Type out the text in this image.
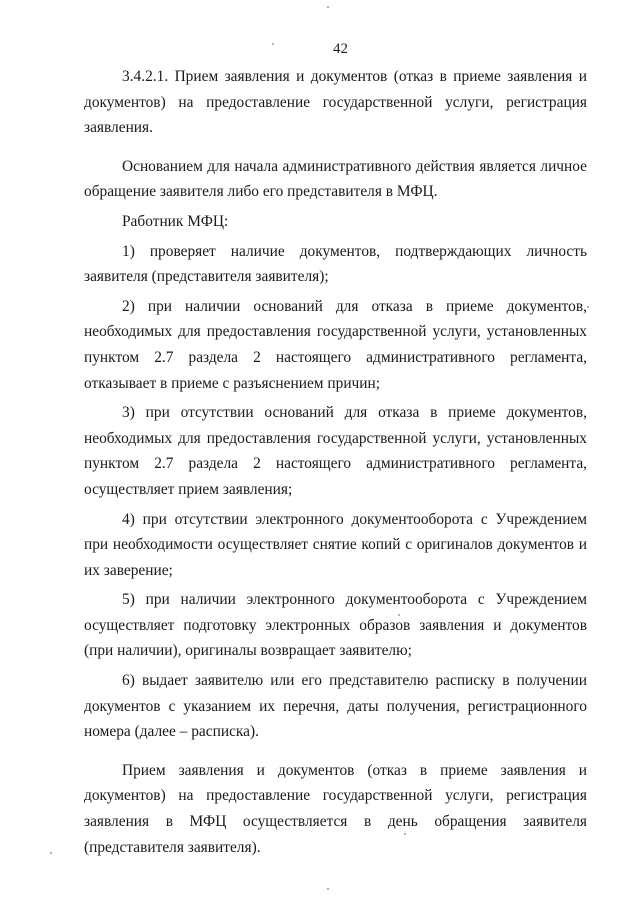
42

3.4.2.1. Прием заявления и документов (отказ в приеме заявления и документов) на предоставление государственной услуги, регистрация заявления.

Основанием для начала административного действия является личное обращение заявителя либо его представителя в МФЦ.

Работник МФЦ:

1) проверяет наличие документов, подтверждающих личность заявителя (представителя заявителя);

2) при наличии оснований для отказа в приеме документов, необходимых для предоставления государственной услуги, установленных пунктом 2.7 раздела 2 настоящего административного регламента, отказывает в приеме с разъяснением причин;

3) при отсутствии оснований для отказа в приеме документов, необходимых для предоставления государственной услуги, установленных пунктом 2.7 раздела 2 настоящего административного регламента, осуществляет прием заявления;

4) при отсутствии электронного документооборота с Учреждением при необходимости осуществляет снятие копий с оригиналов документов и их заверение;

5) при наличии электронного документооборота с Учреждением осуществляет подготовку электронных образов заявления и документов (при наличии), оригиналы возвращает заявителю;

6) выдает заявителю или его представителю расписку в получении документов с указанием их перечня, даты получения, регистрационного номера (далее – расписка).

Прием заявления и документов (отказ в приеме заявления и документов) на предоставление государственной услуги, регистрация заявления в МФЦ осуществляется в день обращения заявителя (представителя заявителя).
